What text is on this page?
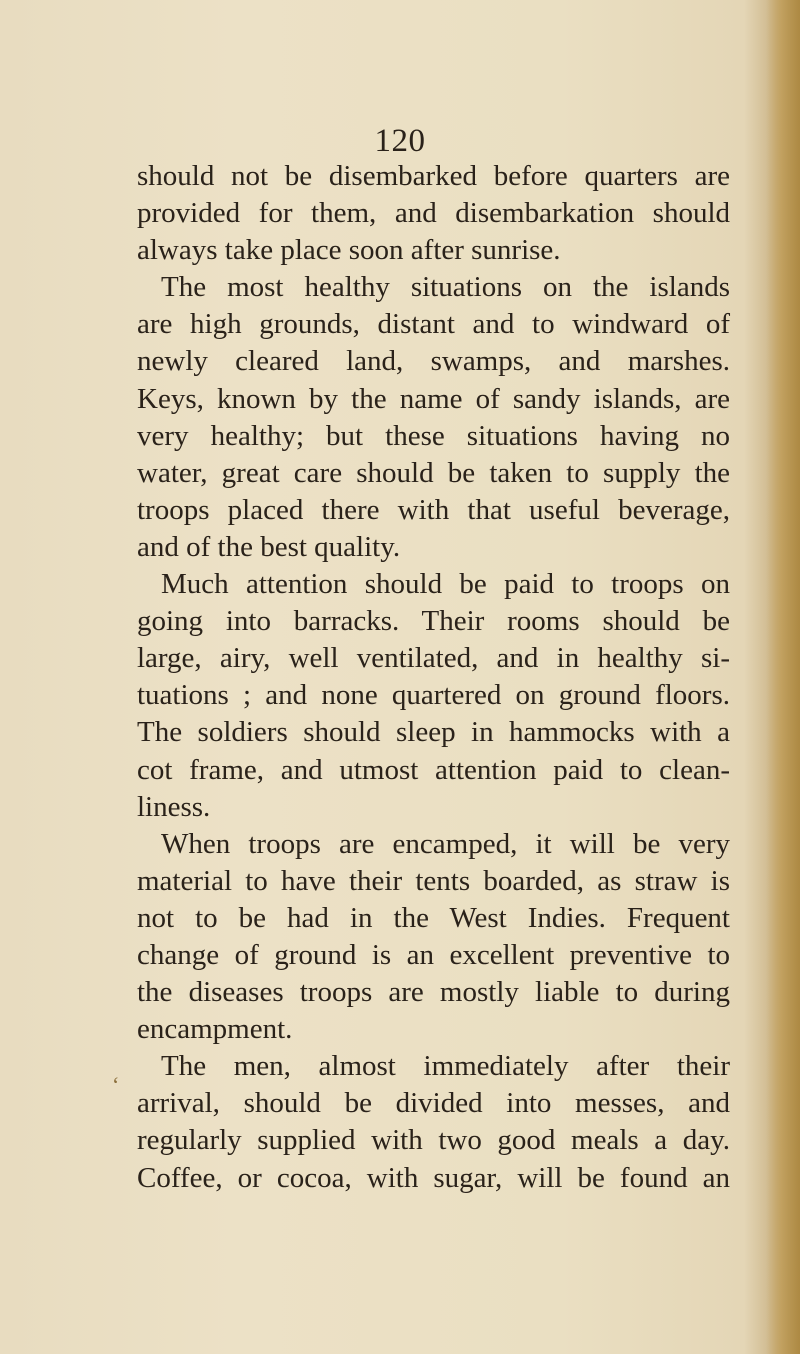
‘
120
should not be disembarked before quarters are
provided for them, and disembarkation should
always take place soon after sunrise.
The most healthy situations on the islands
are high grounds, distant and to windward of
newly cleared land, swamps, and marshes.
Keys, known by the name of sandy islands, are
very healthy; but these situations having no
water, great care should be taken to supply the
troops placed there with that useful beverage,
and of the best quality.
Much attention should be paid to troops on
going into barracks. Their rooms should be
large, airy, well ventilated, and in healthy si-
tuations ; and none quartered on ground floors.
The soldiers should sleep in hammocks with a
cot frame, and utmost attention paid to clean-
liness.
When troops are encamped, it will be very
material to have their tents boarded, as straw is
not to be had in the West Indies. Frequent
change of ground is an excellent preventive to
the diseases troops are mostly liable to during
encampment.
The men, almost immediately after their
arrival, should be divided into messes, and
regularly supplied with two good meals a day.
Coffee, or cocoa, with sugar, will be found an
